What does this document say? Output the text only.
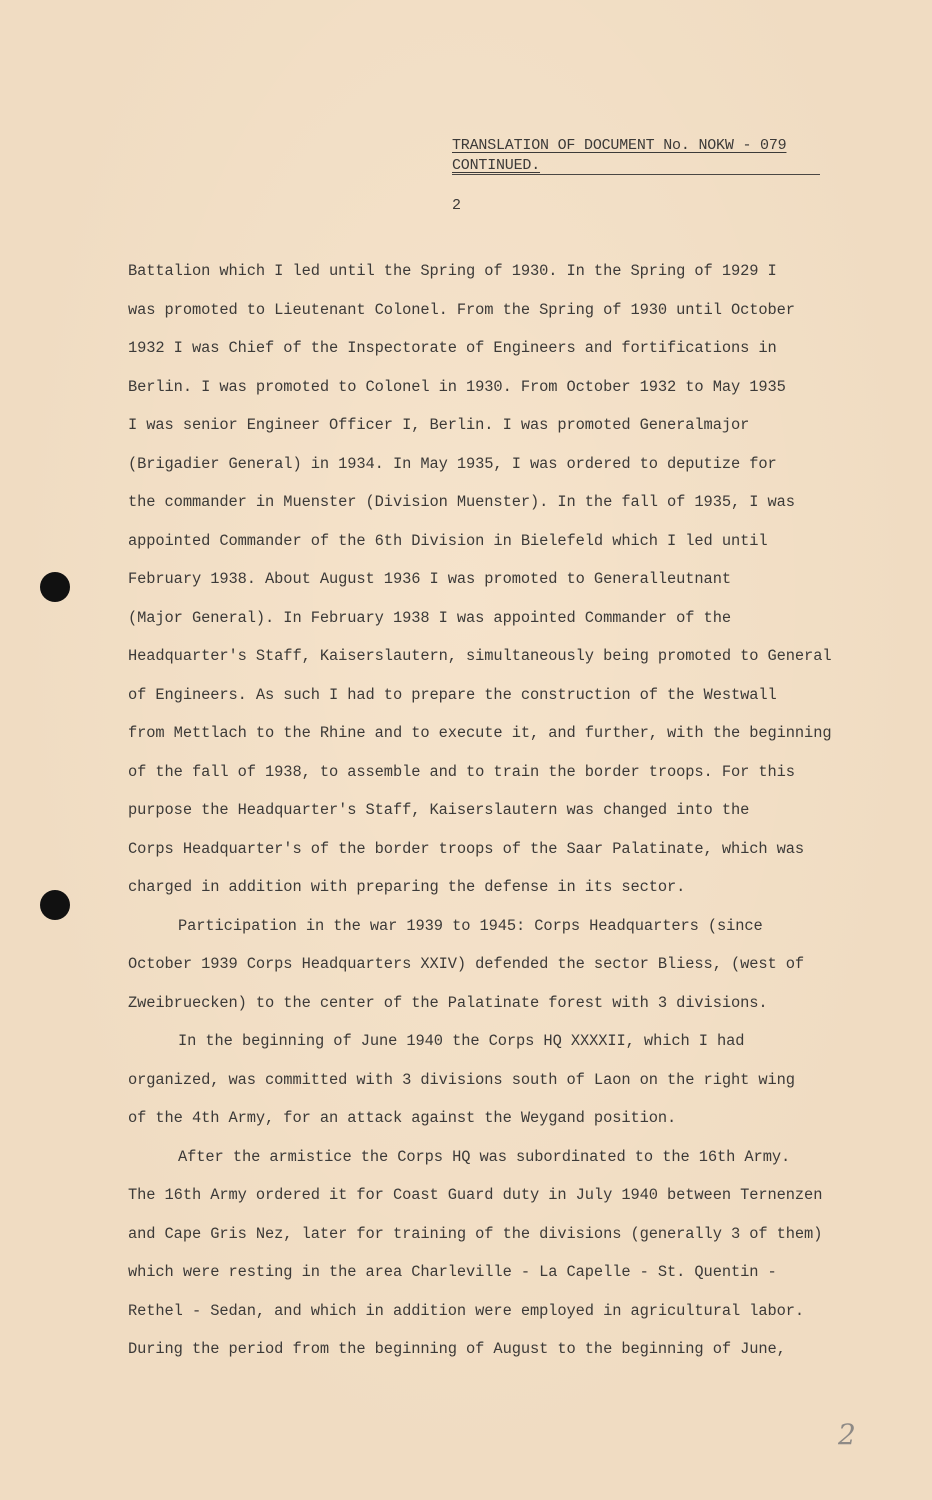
TRANSLATION OF DOCUMENT No. NOKW - 079
CONTINUED.
2
Battalion which I led until the Spring of 1930. In the Spring of 1929 I
was promoted to Lieutenant Colonel. From the Spring of 1930 until October
1932 I was Chief of the Inspectorate of Engineers and fortifications in
Berlin. I was promoted to Colonel in 1930. From October 1932 to May 1935
I was senior Engineer Officer I, Berlin. I was promoted Generalmajor
(Brigadier General) in 1934. In May 1935, I was ordered to deputize for
the commander in Muenster (Division Muenster). In the fall of 1935, I was
appointed Commander of the 6th Division in Bielefeld which I led until
February 1938. About August 1936 I was promoted to Generalleutnant
(Major General). In February 1938 I was appointed Commander of the
Headquarter's Staff, Kaiserslautern, simultaneously being promoted to General
of Engineers. As such I had to prepare the construction of the Westwall
from Mettlach to the Rhine and to execute it, and further, with the beginning
of the fall of 1938, to assemble and to train the border troops. For this
purpose the Headquarter's Staff, Kaiserslautern was changed into the
Corps Headquarter's of the border troops of the Saar Palatinate, which was
charged in addition with preparing the defense in its sector.
Participation in the war 1939 to 1945: Corps Headquarters (since
October 1939 Corps Headquarters XXIV) defended the sector Bliess, (west of
Zweibruecken) to the center of the Palatinate forest with 3 divisions.
In the beginning of June 1940 the Corps HQ XXXXII, which I had
organized, was committed with 3 divisions south of Laon on the right wing
of the 4th Army, for an attack against the Weygand position.
After the armistice the Corps HQ was subordinated to the 16th Army.
The 16th Army ordered it for Coast Guard duty in July 1940 between Ternenzen
and Cape Gris Nez, later for training of the divisions (generally 3 of them)
which were resting in the area Charleville - La Capelle - St. Quentin -
Rethel - Sedan, and which in addition were employed in agricultural labor.
During the period from the beginning of August to the beginning of June,
2
